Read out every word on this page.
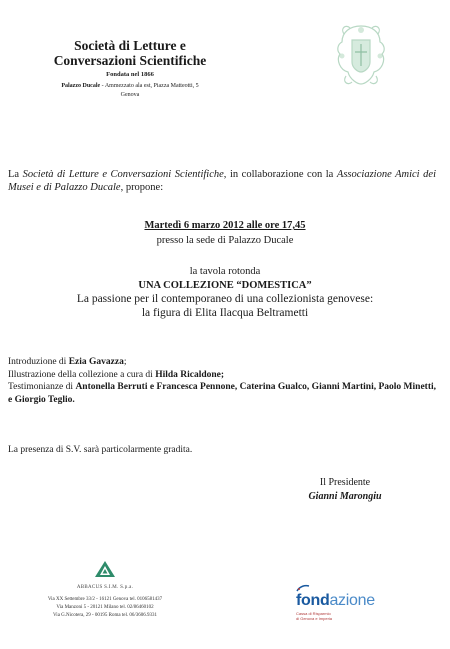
Società di Letture e
Conversazioni Scientifiche
Fondata nel 1866
Palazzo Ducale - Ammezzato ala est, Piazza Matteotti, 5
Genova
La Società di Letture e Conversazioni Scientifiche, in collaborazione con la Associazione Amici dei Musei e di Palazzo Ducale, propone:
Martedì 6 marzo 2012 alle ore 17,45
presso la sede di Palazzo Ducale
la tavola rotonda
UNA COLLEZIONE “DOMESTICA”
La passione per il contemporaneo di una collezionista genovese:
la figura di Elita Ilacqua Beltrametti
Introduzione di Ezia Gavazza;
Illustrazione della collezione a cura di Hilda Ricaldone;
Testimonianze di Antonella Berruti e Francesca Pennone, Caterina Gualco, Gianni Martini, Paolo Minetti, e Giorgio Teglio.
La presenza di S.V. sarà particolarmente gradita.
Il Presidente
Gianni Marongiu
ABBACUS S.I.M. S.p.a.
Via XX Settembre 33/2 - 16121 Genova tel. 0106581437
Via Manzoni 5 - 20121 Milano tel. 02/86460102
Via G.Nicotera, 29 - 00195 Roma tel. 06/3606.9331
fondazione
Cassa di Risparmio
di Genova e Imperia
